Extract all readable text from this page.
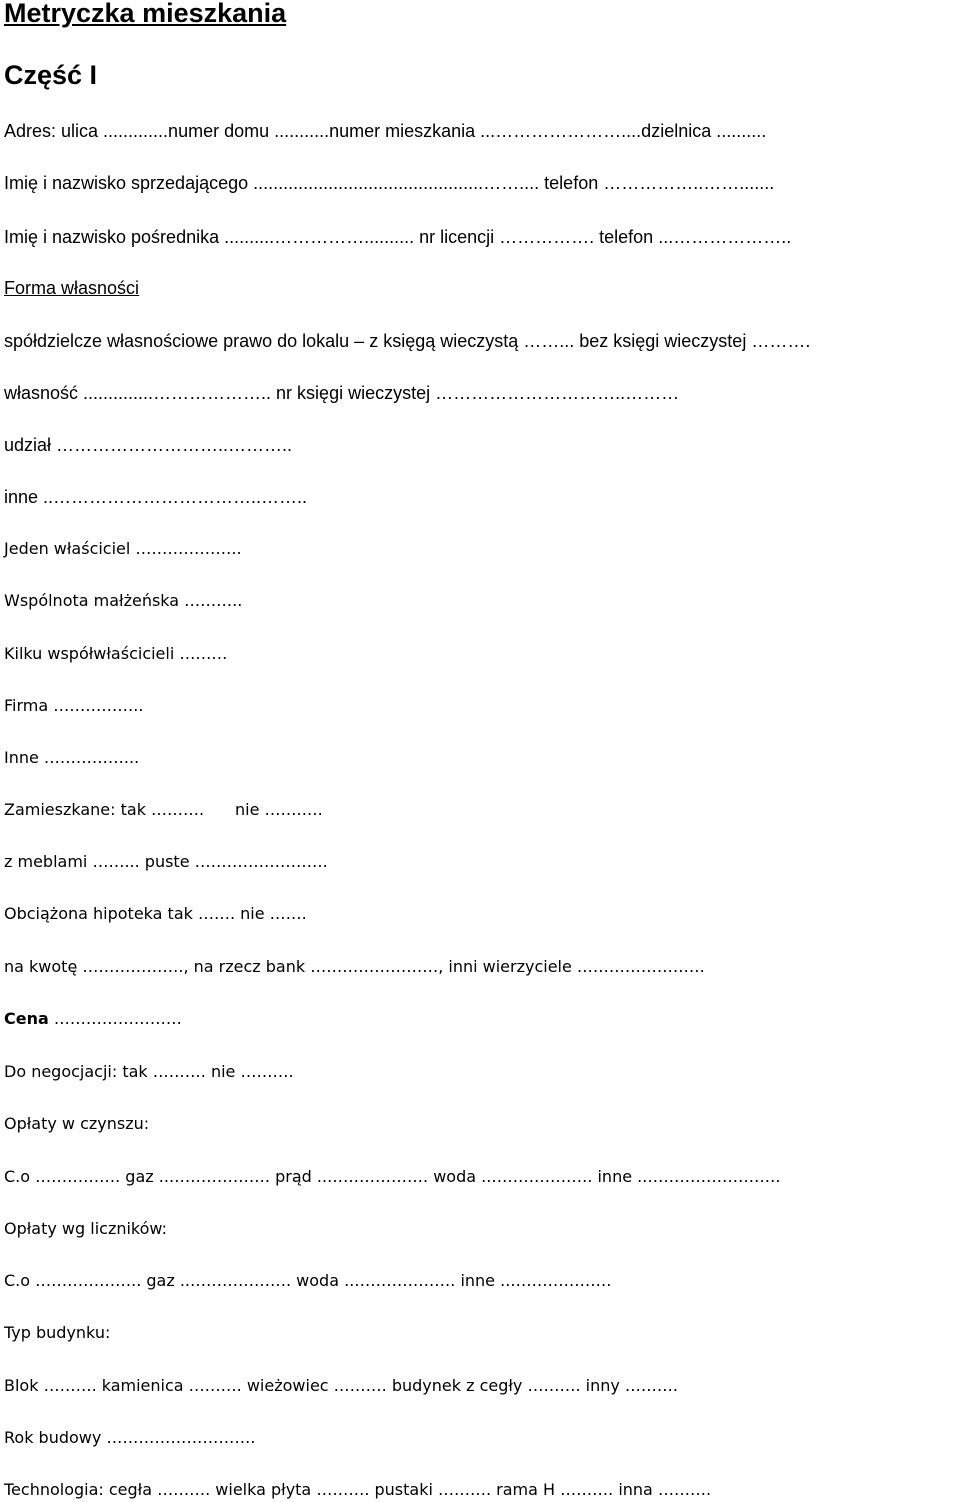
Metryczka mieszkania
Część I

Adres: ulica .............numer domu ...........numer mieszkania ...…………………....dzielnica ..........

Imię i nazwisko sprzedającego ..............................................…….... telefon ……………..…….......

Imię i nazwisko pośrednika ..........…………….......... nr licencji ……………. telefon ...………………..

Forma własności

spółdzielcze własnościowe prawo do lokalu – z księgą wieczystą ……... bez księgi wieczystej ……….

własność ..............……………….. nr księgi wieczystej …………………………..………

udział ………………………..………..

inne ..……………………………..……..

Jeden właściciel ………………..

Wspólnota małżeńska ………..

Kilku współwłaścicieli ………

Firma ……………..

Inne ……………...

Zamieszkane: tak ………. nie …….….

z meblami ……... puste …………………….

Obciążona hipoteka tak ……. nie …….

na kwotę ………………., na rzecz bank ……………………, inni wierzyciele ……………………

Cena ……………………

Do negocjacji: tak ………. nie ……….

Opłaty w czynszu:

C.o ……………. gaz ..………………. prąd ..………………. woda ..………………. inne ..…………………….

Opłaty wg liczników:

C.o ……………….. gaz ..………………. woda ..………………. inne ..……………….

Typ budynku:

Blok ………. kamienica ………. wieżowiec ………. budynek z cegły ………. inny ……….

Rok budowy ……………………….

Technologia: cegła ………. wielka płyta ………. pustaki ………. rama H ………. inna ……….
